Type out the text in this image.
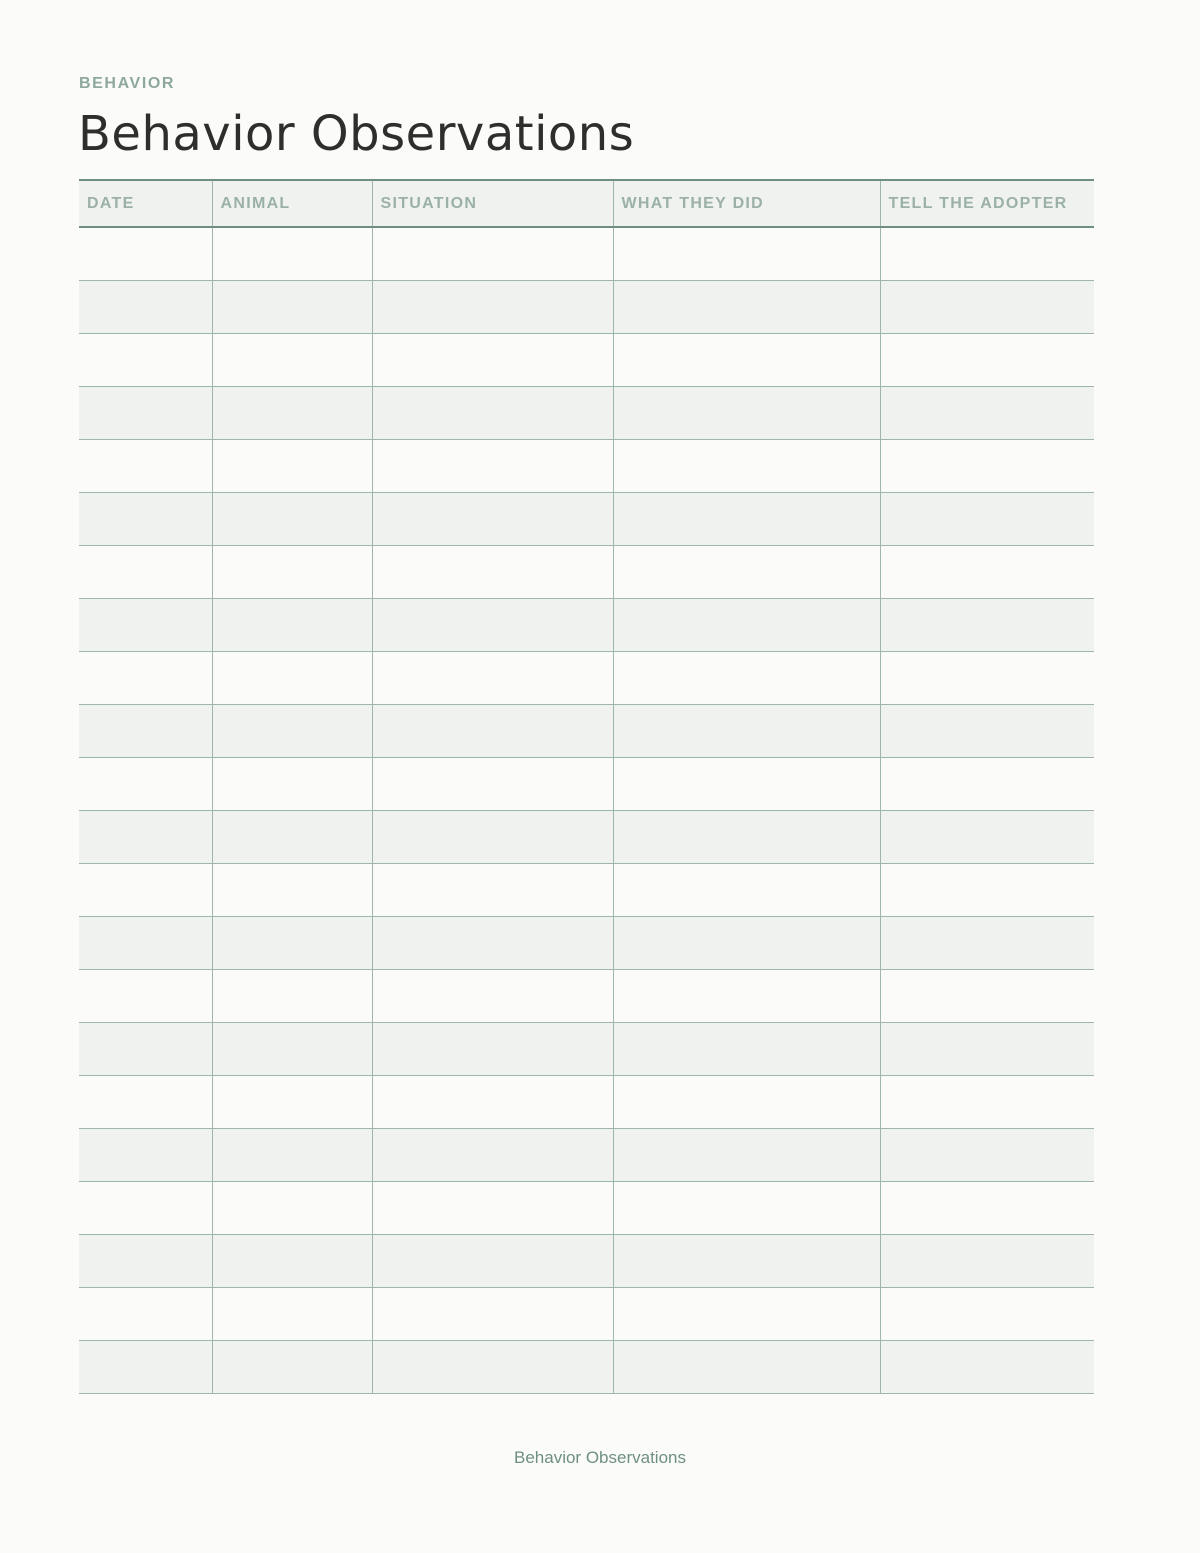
BEHAVIOR

Behavior Observations
DATE	ANIMAL	SITUATION	WHAT THEY DID	TELL THE ADOPTER

Behavior Observations
